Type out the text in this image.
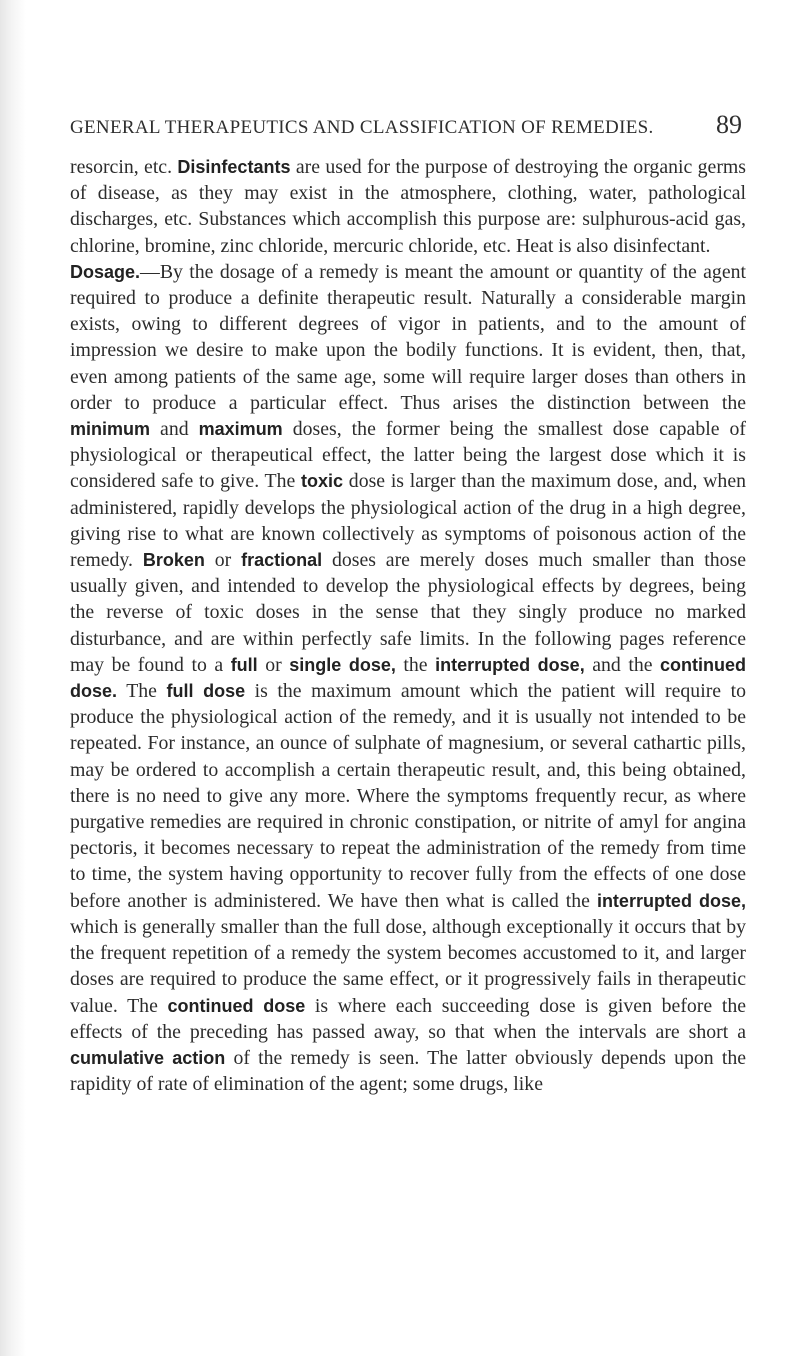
GENERAL THERAPEUTICS AND CLASSIFICATION OF REMEDIES. 89

resorcin, etc. Disinfectants are used for the purpose of destroying the organic germs of disease, as they may exist in the atmosphere, clothing, water, pathological discharges, etc. Substances which accomplish this purpose are: sulphurous-acid gas, chlorine, bromine, zinc chloride, mercuric chloride, etc. Heat is also disinfectant.

Dosage.—By the dosage of a remedy is meant the amount or quantity of the agent required to produce a definite therapeutic result. Naturally a considerable margin exists, owing to different degrees of vigor in patients, and to the amount of impression we desire to make upon the bodily functions. It is evident, then, that, even among patients of the same age, some will require larger doses than others in order to produce a particular effect. Thus arises the distinction between the minimum and maximum doses, the former being the smallest dose capable of physiological or therapeutical effect, the latter being the largest dose which it is considered safe to give. The toxic dose is larger than the maximum dose, and, when administered, rapidly develops the physiological action of the drug in a high degree, giving rise to what are known collectively as symptoms of poisonous action of the remedy. Broken or fractional doses are merely doses much smaller than those usually given, and intended to develop the physiological effects by degrees, being the reverse of toxic doses in the sense that they singly produce no marked disturbance, and are within perfectly safe limits. In the following pages reference may be found to a full or single dose, the interrupted dose, and the continued dose. The full dose is the maximum amount which the patient will require to produce the physiological action of the remedy, and it is usually not intended to be repeated. For instance, an ounce of sulphate of magnesium, or several cathartic pills, may be ordered to accomplish a certain therapeutic result, and, this being obtained, there is no need to give any more. Where the symptoms frequently recur, as where purgative remedies are required in chronic constipation, or nitrite of amyl for angina pectoris, it becomes necessary to repeat the administration of the remedy from time to time, the system having opportunity to recover fully from the effects of one dose before another is administered. We have then what is called the interrupted dose, which is generally smaller than the full dose, although exceptionally it occurs that by the frequent repetition of a remedy the system becomes accustomed to it, and larger doses are required to produce the same effect, or it progressively fails in therapeutic value. The continued dose is where each succeeding dose is given before the effects of the preceding has passed away, so that when the intervals are short a cumulative action of the remedy is seen. The latter obviously depends upon the rapidity of rate of elimination of the agent; some drugs, like
